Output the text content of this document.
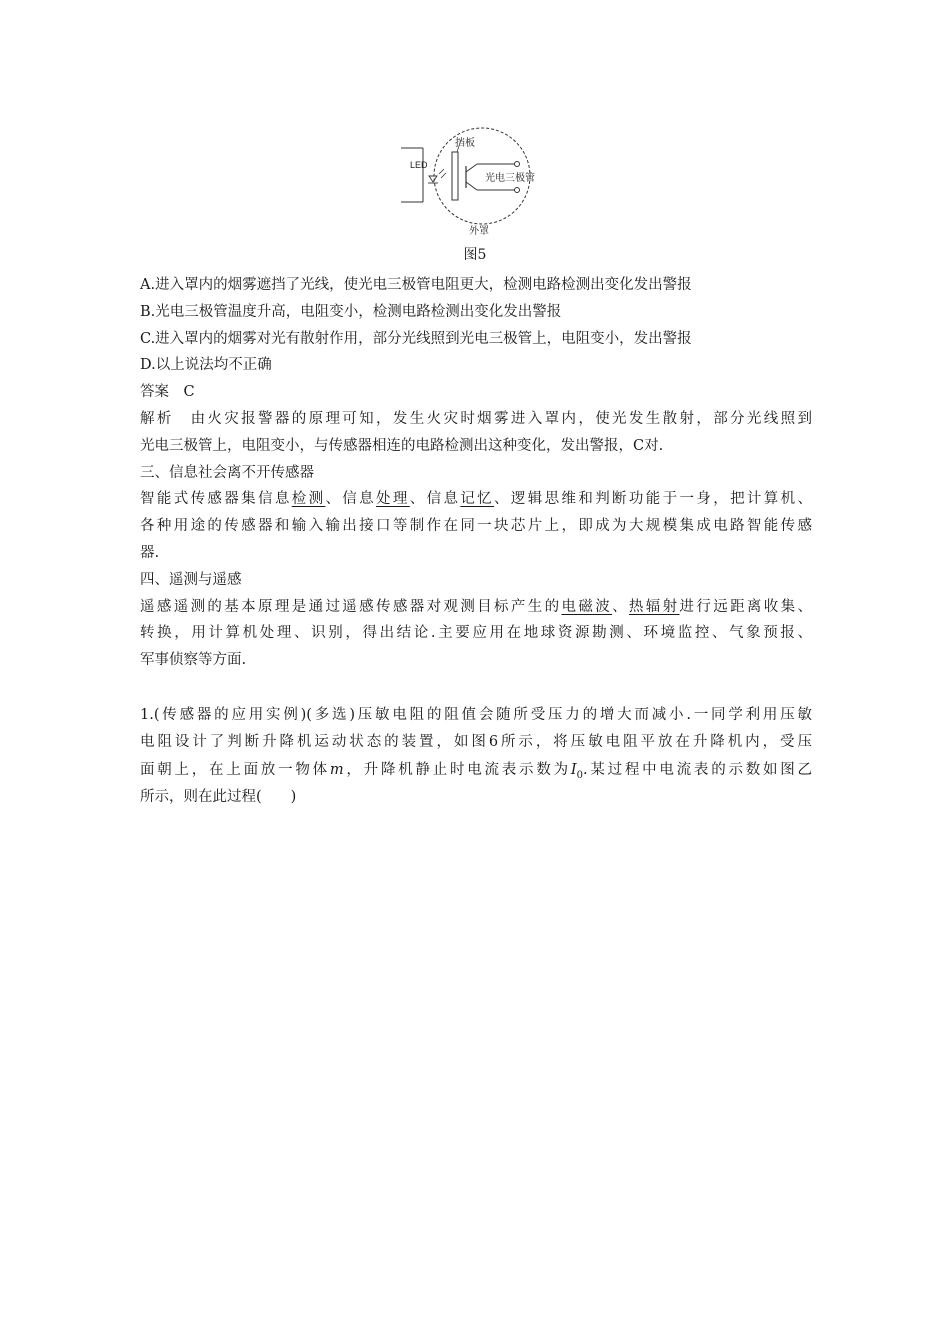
LED
挡板
光电三极管
外罩
图5
A.进入罩内的烟雾遮挡了光线，使光电三极管电阻更大，检测电路检测出变化发出警报
B.光电三极管温度升高，电阻变小，检测电路检测出变化发出警报
C.进入罩内的烟雾对光有散射作用，部分光线照到光电三极管上，电阻变小，发出警报
D.以上说法均不正确
答案  C
解析  由火灾报警器的原理可知，发生火灾时烟雾进入罩内，使光发生散射，部分光线照到
光电三极管上，电阻变小，与传感器相连的电路检测出这种变化，发出警报，C对.
三、信息社会离不开传感器
智能式传感器集信息检测、信息处理、信息记忆、逻辑思维和判断功能于一身，把计算机、
各种用途的传感器和输入输出接口等制作在同一块芯片上，即成为大规模集成电路智能传感
器.
四、遥测与遥感
遥感遥测的基本原理是通过遥感传感器对观测目标产生的电磁波、热辐射进行远距离收集、
转换，用计算机处理、识别，得出结论.主要应用在地球资源勘测、环境监控、气象预报、
军事侦察等方面.
1.(传感器的应用实例)(多选)压敏电阻的阻值会随所受压力的增大而减小.一同学利用压敏
电阻设计了判断升降机运动状态的装置，如图6所示，将压敏电阻平放在升降机内，受压
面朝上，在上面放一物体m，升降机静止时电流表示数为$I_0$.某过程中电流表的示数如图乙
所示，则在此过程(　　)
